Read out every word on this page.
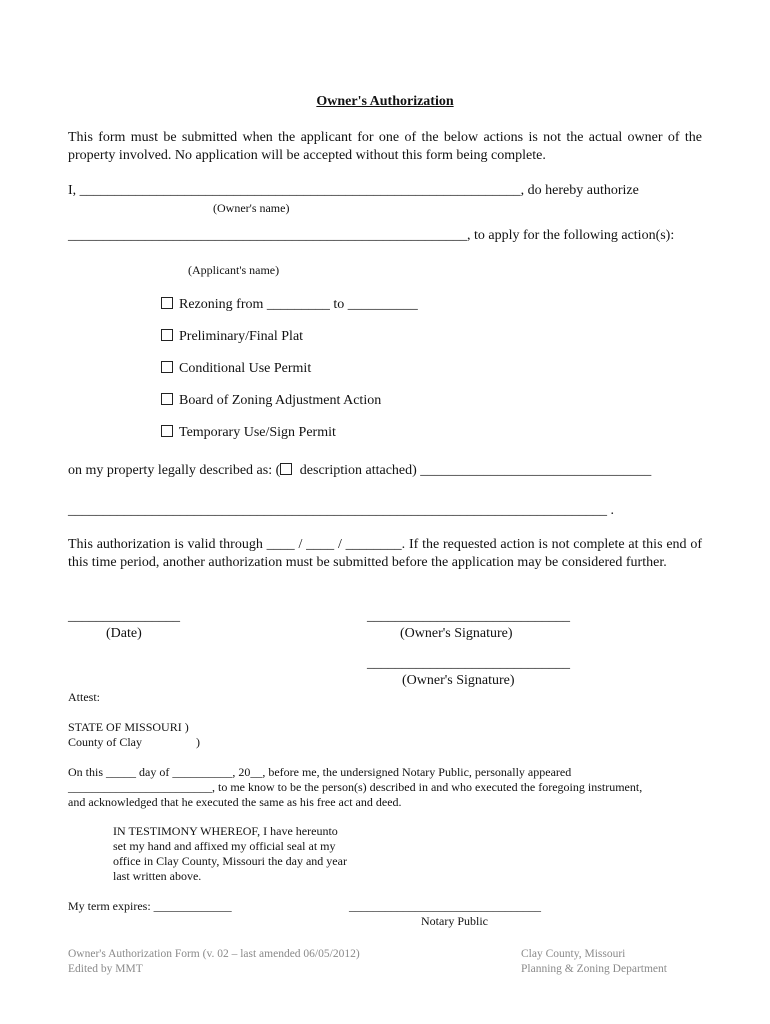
Owner's Authorization
This form must be submitted when the applicant for one of the below actions is not the actual owner of the property involved. No application will be accepted without this form being complete.
I, _______________________________________________________________, do hereby authorize
(Owner's name)
_________________________________________________________, to apply for the following action(s):
(Applicant's name)
Rezoning from _________ to __________
Preliminary/Final Plat
Conditional Use Permit
Board of Zoning Adjustment Action
Temporary Use/Sign Permit
on my property legally described as: ( description attached) _________________________________
_____________________________________________________________________________ .
This authorization is valid through ____ / ____ / ________. If the requested action is not complete at this end of this time period, another authorization must be submitted before the application may be considered further.
________________
(Date)
_____________________________
(Owner's Signature)
_____________________________
(Owner's Signature)
Attest:
STATE OF MISSOURI )
County of Clay	)
On this _____ day of __________, 20__, before me, the undersigned Notary Public, personally appeared
________________________, to me know to be the person(s) described in and who executed the foregoing instrument,
and acknowledged that he executed the same as his free act and deed.
IN TESTIMONY WHEREOF, I have hereunto
set my hand and affixed my official seal at my
office in Clay County, Missouri the day and year
last written above.
My term expires: _____________	________________________________
Notary Public
Owner's Authorization Form (v. 02 – last amended 06/05/2012)
Edited by MMT
Clay County, Missouri
Planning & Zoning Department
